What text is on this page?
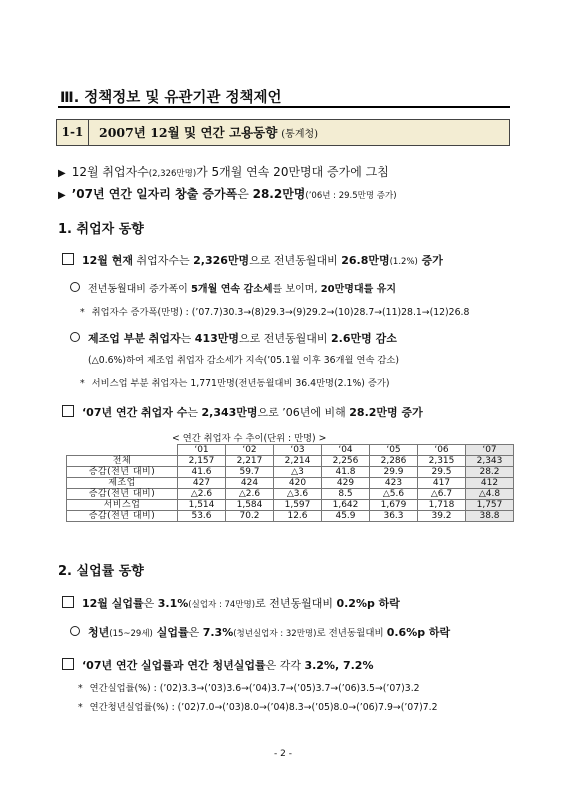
Ⅲ. 정책정보 및 유관기관 정책제언
1-1	2007년 12월 및 연간 고용동향 (통계청)
▶ 12월 취업자수(2,326만명)가 5개월 연속 20만명대 증가에 그침
▶ ’07년 연간 일자리 창출 증가폭은 28.2만명(’06년 : 29.5만명 증가)
1. 취업자 동향
12월 현재 취업자수는 2,326만명으로 전년동월대비 26.8만명(1.2%) 증가
전년동월대비 증가폭이 5개월 연속 감소세를 보이며, 20만명대를 유지
* 취업자수 증가폭(만명) : (’07.7)30.3→(8)29.3→(9)29.2→(10)28.7→(11)28.1→(12)26.8
제조업 부분 취업자는 413만명으로 전년동월대비 2.6만명 감소
(△0.6%)하여 제조업 취업자 감소세가 지속(’05.1월 이후 36개월 연속 감소)
* 서비스업 부분 취업자는 1,771만명(전년동월대비 36.4만명(2.1%) 증가)
‘07년 연간 취업자 수는 2,343만명으로 ’06년에 비해 28.2만명 증가
< 연간 취업자 수 추이(단위 : 만명) >
	‘01	‘02	‘03	‘04	‘05	‘06	‘07
전체	2,157	2,217	2,214	2,256	2,286	2,315	2,343
증감(전년 대비)	41.6	59.7	△3	41.8	29.9	29.5	28.2
제조업	427	424	420	429	423	417	412
증감(전년 대비)	△2.6	△2.6	△3.6	8.5	△5.6	△6.7	△4.8
서비스업	1,514	1,584	1,597	1,642	1,679	1,718	1,757
증감(전년 대비)	53.6	70.2	12.6	45.9	36.3	39.2	38.8
2. 실업률 동향
12월 실업률은 3.1%(실업자 : 74만명)로 전년동월대비 0.2%p 하락
청년(15~29세) 실업률은 7.3%(청년실업자 : 32만명)로 전년동월대비 0.6%p 하락
‘07년 연간 실업률과 연간 청년실업률은 각각 3.2%, 7.2%
* 연간실업률(%) : (’02)3.3→(’03)3.6→(’04)3.7→(’05)3.7→(’06)3.5→(’07)3.2
* 연간청년실업률(%) : (’02)7.0→(’03)8.0→(’04)8.3→(’05)8.0→(’06)7.9→(’07)7.2
- 2 -
